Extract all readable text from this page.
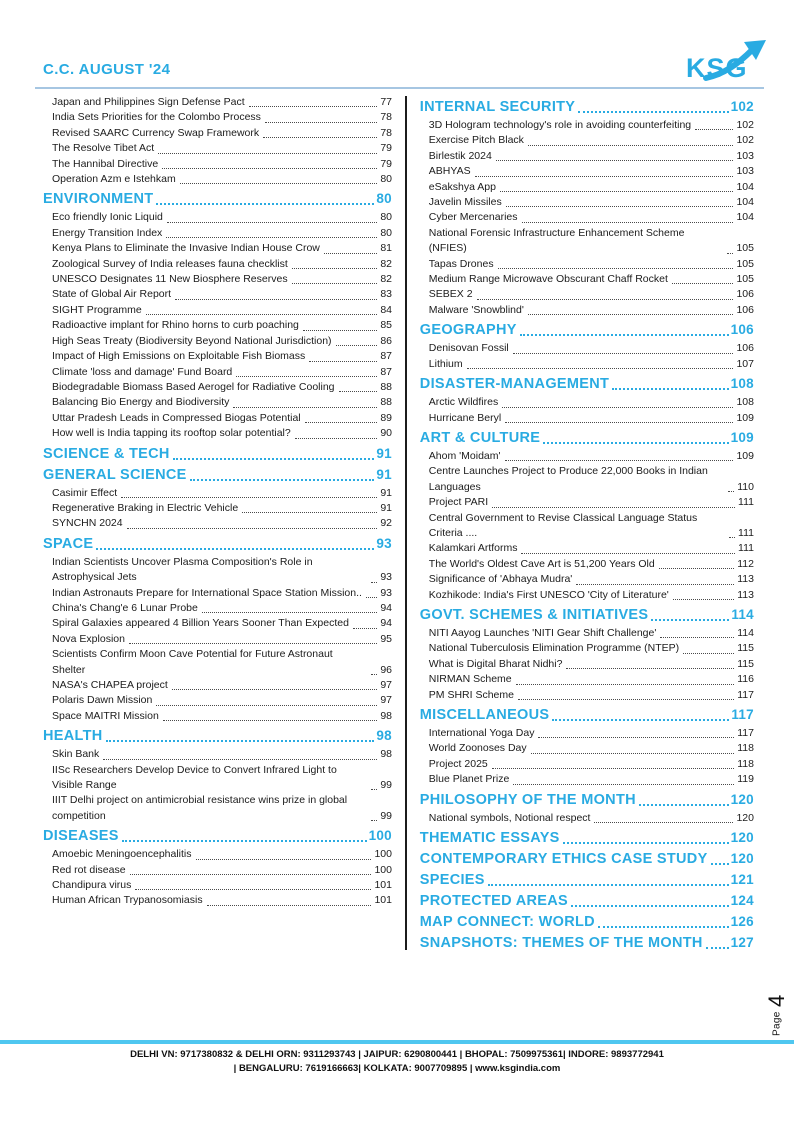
C.C. AUGUST '24	KSG
Japan and Philippines Sign Defense Pact	77
India Sets Priorities for the Colombo Process	78
Revised SAARC Currency Swap Framework	78
The Resolve Tibet Act	79
The Hannibal Directive	79
Operation Azm e Istehkam	80
ENVIRONMENT	80
Eco friendly Ionic Liquid	80
Energy Transition Index	80
Kenya Plans to Eliminate the Invasive Indian House Crow	81
Zoological Survey of India releases fauna checklist	82
UNESCO Designates 11 New Biosphere Reserves	82
State of Global Air Report	83
SIGHT Programme	84
Radioactive implant for Rhino horns to curb poaching	85
High Seas Treaty (Biodiversity Beyond National Jurisdiction)	86
Impact of High Emissions on Exploitable Fish Biomass	87
Climate 'loss and damage' Fund Board	87
Biodegradable Biomass Based Aerogel for Radiative Cooling	88
Balancing Bio Energy and Biodiversity	88
Uttar Pradesh Leads in Compressed Biogas Potential	89
How well is India tapping its rooftop solar potential?	90
SCIENCE & TECH	91
GENERAL SCIENCE	91
Casimir Effect	91
Regenerative Braking in Electric Vehicle	91
SYNCHN 2024	92
SPACE	93
Indian Scientists Uncover Plasma Composition's Role in Astrophysical Jets	93
Indian Astronauts Prepare for International Space Station Mission.. 93
China's Chang'e 6 Lunar Probe	94
Spiral Galaxies appeared 4 Billion Years Sooner Than Expected	94
Nova Explosion	95
Scientists Confirm Moon Cave Potential for Future Astronaut Shelter	96
NASA's CHAPEA project	97
Polaris Dawn Mission	97
Space MAITRI Mission	98
HEALTH	98
Skin Bank	98
IISc Researchers Develop Device to Convert Infrared Light to Visible Range	99
IIIT Delhi project on antimicrobial resistance wins prize in global competition	99
DISEASES	100
Amoebic Meningoencephalitis	100
Red rot disease	100
Chandipura virus	101
Human African Trypanosomiasis	101
INTERNAL SECURITY	102
3D Hologram technology's role in avoiding counterfeiting	102
Exercise Pitch Black	102
Birlestik 2024	103
ABHYAS	103
eSakshya App	104
Javelin Missiles	104
Cyber Mercenaries	104
National Forensic Infrastructure Enhancement Scheme (NFIES)	105
Tapas Drones	105
Medium Range Microwave Obscurant Chaff Rocket	105
SEBEX 2	106
Malware 'Snowblind'	106
GEOGRAPHY	106
Denisovan Fossil	106
Lithium	107
DISASTER-MANAGEMENT	108
Arctic Wildfires	108
Hurricane Beryl	109
ART & CULTURE	109
Ahom 'Moidam'	109
Centre Launches Project to Produce 22,000 Books in Indian Languages	110
Project PARI	111
Central Government to Revise Classical Language Status Criteria ....	111
Kalamkari Artforms	111
The World's Oldest Cave Art is 51,200 Years Old	112
Significance of 'Abhaya Mudra'	113
Kozhikode: India's First UNESCO 'City of Literature'	113
GOVT. SCHEMES & INITIATIVES	114
NITI Aayog Launches 'NITI Gear Shift Challenge'	114
National Tuberculosis Elimination Programme (NTEP)	115
What is Digital Bharat Nidhi?	115
NIRMAN Scheme	116
PM SHRI Scheme	117
MISCELLANEOUS	117
International Yoga Day	117
World Zoonoses Day	118
Project 2025	118
Blue Planet Prize	119
PHILOSOPHY OF THE MONTH	120
National symbols, Notional respect	120
THEMATIC ESSAYS	120
CONTEMPORARY ETHICS CASE STUDY 120
SPECIES	121
PROTECTED AREAS	124
MAP CONNECT: WORLD	126
SNAPSHOTS: THEMES OF THE MONTH 127
Page
4
DELHI VN: 9717380832 & DELHI ORN: 9311293743 | JAIPUR: 6290800441 | BHOPAL: 7509975361| INDORE: 9893772941
| BENGALURU: 7619166663| KOLKATA: 9007709895 | www.ksgindia.com
